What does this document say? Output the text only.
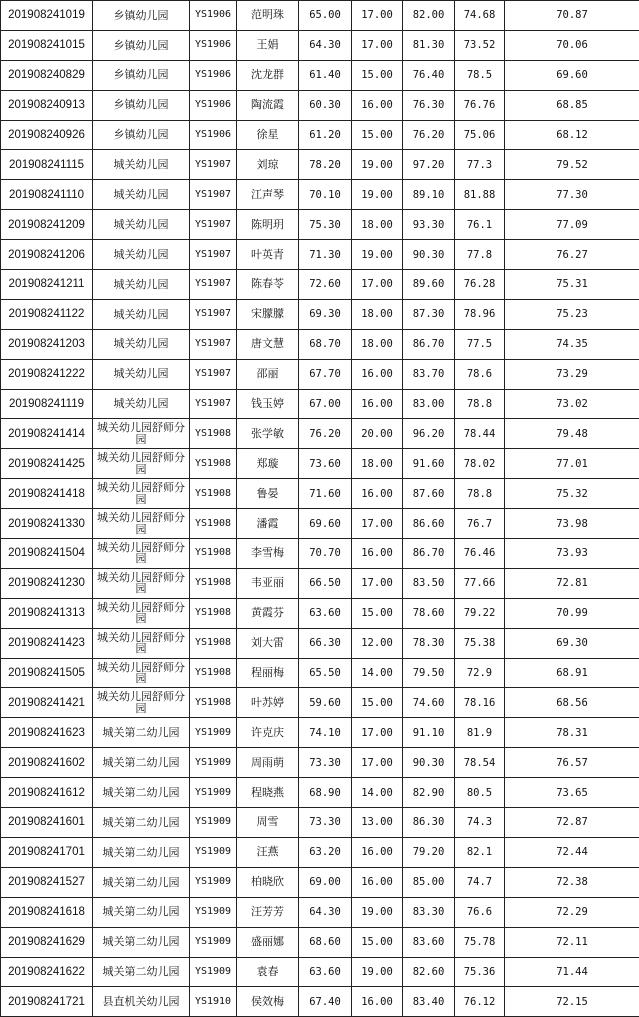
201908241019	乡镇幼儿园	YS1906	范明珠	65.00	17.00	82.00	74.68	70.87
201908241015	乡镇幼儿园	YS1906	王娟	64.30	17.00	81.30	73.52	70.06
201908240829	乡镇幼儿园	YS1906	沈龙群	61.40	15.00	76.40	78.5	69.60
201908240913	乡镇幼儿园	YS1906	陶流霞	60.30	16.00	76.30	76.76	68.85
201908240926	乡镇幼儿园	YS1906	徐星	61.20	15.00	76.20	75.06	68.12
201908241115	城关幼儿园	YS1907	刘琼	78.20	19.00	97.20	77.3	79.52
201908241110	城关幼儿园	YS1907	江声琴	70.10	19.00	89.10	81.88	77.30
201908241209	城关幼儿园	YS1907	陈明玥	75.30	18.00	93.30	76.1	77.09
201908241206	城关幼儿园	YS1907	叶英青	71.30	19.00	90.30	77.8	76.27
201908241211	城关幼儿园	YS1907	陈春苓	72.60	17.00	89.60	76.28	75.31
201908241122	城关幼儿园	YS1907	宋朦朦	69.30	18.00	87.30	78.96	75.23
201908241203	城关幼儿园	YS1907	唐文慧	68.70	18.00	86.70	77.5	74.35
201908241222	城关幼儿园	YS1907	邵丽	67.70	16.00	83.70	78.6	73.29
201908241119	城关幼儿园	YS1907	钱玉婷	67.00	16.00	83.00	78.8	73.02
201908241414	城关幼儿园舒师分园	YS1908	张学敏	76.20	20.00	96.20	78.44	79.48
201908241425	城关幼儿园舒师分园	YS1908	郑璇	73.60	18.00	91.60	78.02	77.01
201908241418	城关幼儿园舒师分园	YS1908	鲁晏	71.60	16.00	87.60	78.8	75.32
201908241330	城关幼儿园舒师分园	YS1908	潘霞	69.60	17.00	86.60	76.7	73.98
201908241504	城关幼儿园舒师分园	YS1908	李雪梅	70.70	16.00	86.70	76.46	73.93
201908241230	城关幼儿园舒师分园	YS1908	韦亚丽	66.50	17.00	83.50	77.66	72.81
201908241313	城关幼儿园舒师分园	YS1908	黄霞芬	63.60	15.00	78.60	79.22	70.99
201908241423	城关幼儿园舒师分园	YS1908	刘大雷	66.30	12.00	78.30	75.38	69.30
201908241505	城关幼儿园舒师分园	YS1908	程丽梅	65.50	14.00	79.50	72.9	68.91
201908241421	城关幼儿园舒师分园	YS1908	叶苏婷	59.60	15.00	74.60	78.16	68.56
201908241623	城关第二幼儿园	YS1909	许克庆	74.10	17.00	91.10	81.9	78.31
201908241602	城关第二幼儿园	YS1909	周雨萌	73.30	17.00	90.30	78.54	76.57
201908241612	城关第二幼儿园	YS1909	程晓燕	68.90	14.00	82.90	80.5	73.65
201908241601	城关第二幼儿园	YS1909	周雪	73.30	13.00	86.30	74.3	72.87
201908241701	城关第二幼儿园	YS1909	汪燕	63.20	16.00	79.20	82.1	72.44
201908241527	城关第二幼儿园	YS1909	柏晓欣	69.00	16.00	85.00	74.7	72.38
201908241618	城关第二幼儿园	YS1909	汪芳芳	64.30	19.00	83.30	76.6	72.29
201908241629	城关第二幼儿园	YS1909	盛丽娜	68.60	15.00	83.60	75.78	72.11
201908241622	城关第二幼儿园	YS1909	袁春	63.60	19.00	82.60	75.36	71.44
201908241721	县直机关幼儿园	YS1910	侯效梅	67.40	16.00	83.40	76.12	72.15
